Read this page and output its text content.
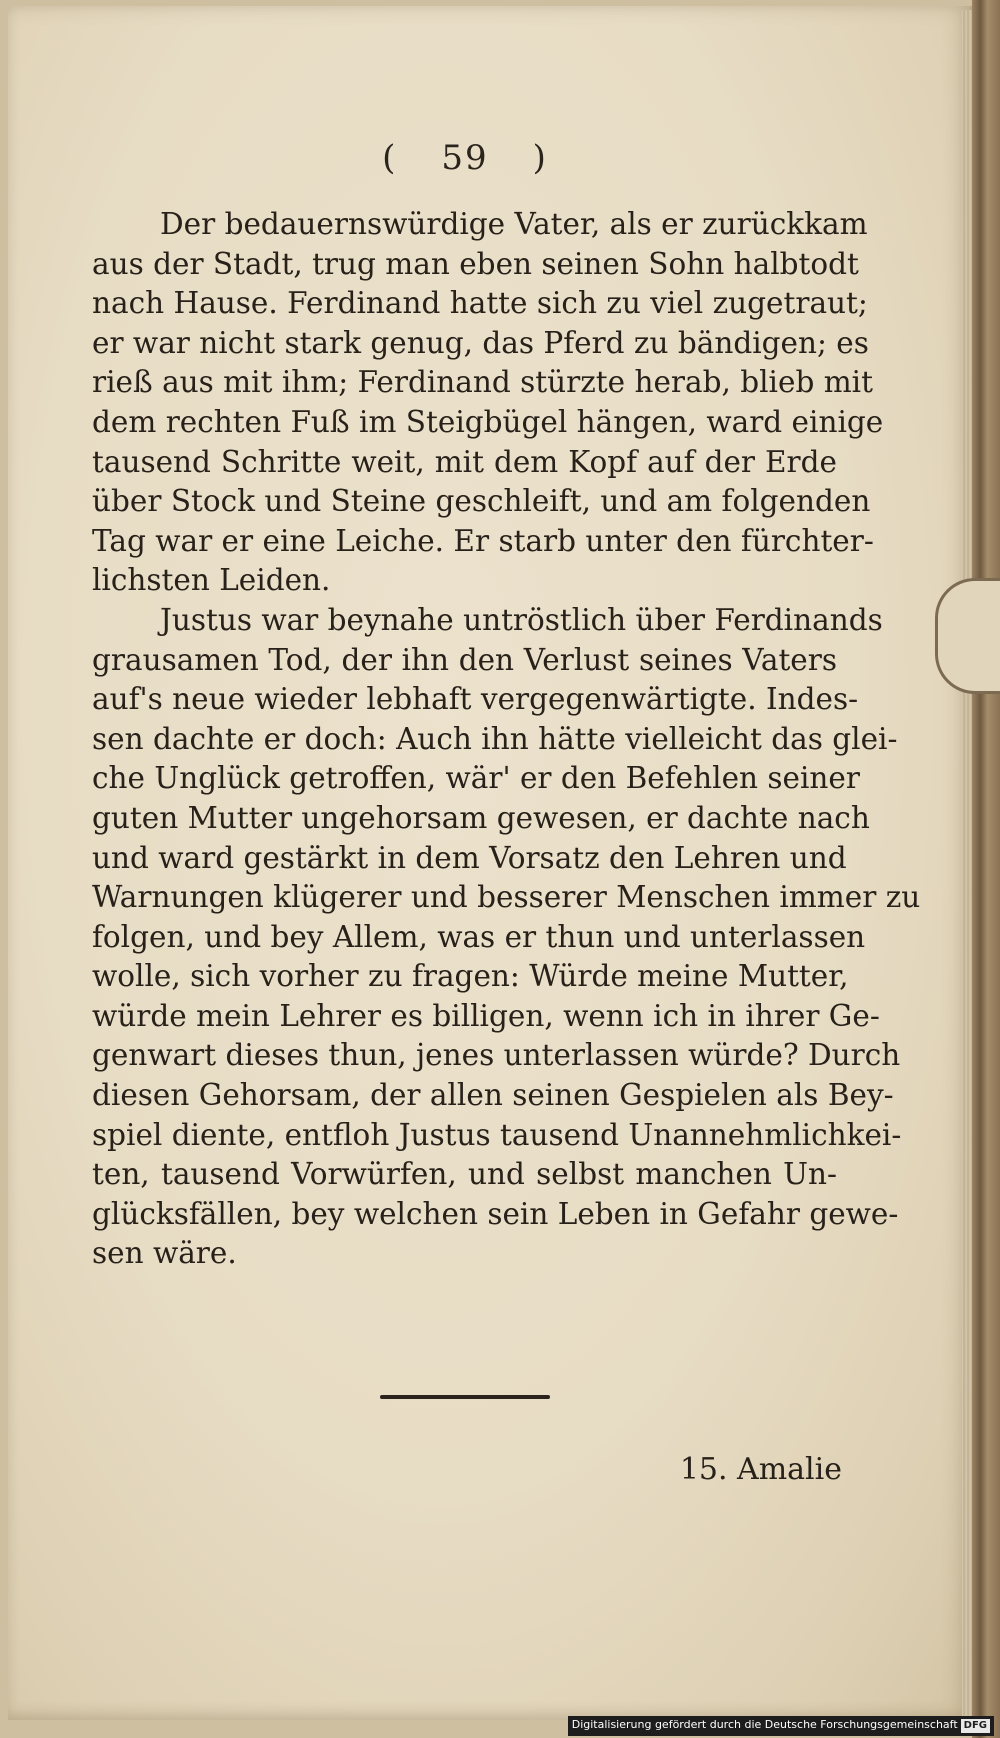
( 59 )
Der bedauernswürdige Vater, als er zurückkam
aus der Stadt, trug man eben seinen Sohn halbtodt
nach Hause. Ferdinand hatte sich zu viel zugetraut;
er war nicht stark genug, das Pferd zu bändigen; es
rieß aus mit ihm; Ferdinand stürzte herab, blieb mit
dem rechten Fuß im Steigbügel hängen, ward einige
tausend Schritte weit, mit dem Kopf auf der Erde
über Stock und Steine geschleift, und am folgenden
Tag war er eine Leiche. Er starb unter den fürchter-
lichsten Leiden.
Justus war beynahe untröstlich über Ferdinands
grausamen Tod, der ihn den Verlust seines Vaters
auf's neue wieder lebhaft vergegenwärtigte. Indes-
sen dachte er doch: Auch ihn hätte vielleicht das glei-
che Unglück getroffen, wär' er den Befehlen seiner
guten Mutter ungehorsam gewesen, er dachte nach
und ward gestärkt in dem Vorsatz den Lehren und
Warnungen klügerer und besserer Menschen immer zu
folgen, und bey Allem, was er thun und unterlassen
wolle, sich vorher zu fragen: Würde meine Mutter,
würde mein Lehrer es billigen, wenn ich in ihrer Ge-
genwart dieses thun, jenes unterlassen würde? Durch
diesen Gehorsam, der allen seinen Gespielen als Bey-
spiel diente, entfloh Justus tausend Unannehmlichkei-
ten, tausend Vorwürfen, und selbst manchen Un-
glücksfällen, bey welchen sein Leben in Gefahr gewe-
sen wäre.
15. Amalie
Digitalisierung gefördert durch die Deutsche Forschungsgemeinschaft DFG
